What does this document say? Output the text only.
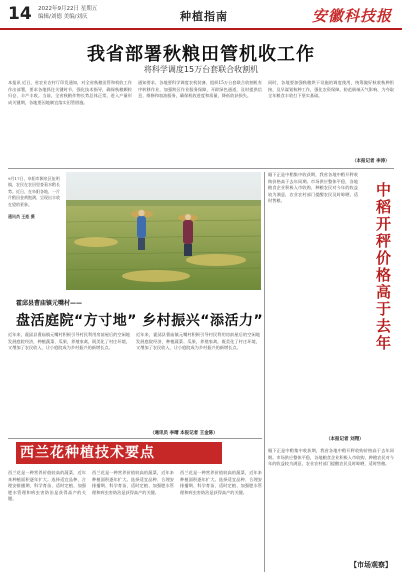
14 2022年9月22日 星期五
编辑/刘德 美编/刘庆	种植指南	安徽科技报
我省部署秋粮田管机收工作
将科学调度15万台套联合收割机
本报讯 近日，省农业农村厅印发通知，对全省秋粮田管和机收工作作出部署，要求各地抓住关键时节，强化技术指导，确保秋粮颗粒归仓、丰产丰收。当前，全省秋粮作物长势总体正常，进入产量形成关键期，各地要因地制宜落实田管措施。
通知要求，各地要科学调度农机装备，组织15万台套联合收割机有序转移作业，加强跨区作业服务保障，开辟绿色通道，及时提供信息、维修和加油服务，确保机收进度和质量，降低收获损失。
同时，各地要加强秋粮烘干设施的调度使用，统筹做好秋收秋种衔接，及早谋划秋种工作，强化农资保障，防范极端天气影响，为夺取全年粮食丰收打下坚实基础。
（本报记者 李涛）
9月17日，阜阳市颍泉区伍明镇，农民在农田里查看水稻长势。近日，在阜阳各地，一片片稻田金黄饱满，呈现出丰收在望的景象。
通讯员 王彪 摄
眼下正是中稻集中收获期，我省各地中稻开秤收购价格高于去年同期。市场供应整体平稳，各地粮食企业积极入市收购，种粮农民对今年的收益较为满意，农业农村部门提醒农民及时晾晒，适时售粮。
（本报记者 刘翔）
中稻开秤价格高于去年
霍邱县曹庙镇元嘴村——
盘活庭院“方寸地” 乡村振兴“添活力”
近年来，霍邱县曹庙镇元嘴村积极引导村民利用房前屋后的空闲地发展庭院经济，种植蔬菜、瓜果，养殖家禽，既美化了村庄环境，又增加了农民收入，让小庭院成为乡村振兴的新增长点。
近年来，霍邱县曹庙镇元嘴村积极引导村民利用房前屋后的空闲地发展庭院经济，种植蔬菜、瓜果，养殖家禽，既美化了村庄环境，又增加了农民收入，让小庭院成为乡村振兴的新增长点。
（通讯员 李晴 本报记者 王金陈）
西兰花种植技术要点
西兰花是一种营养价值较高的蔬菜，近年来种植面积逐年扩大。选择适宜品种、合理安排播期、科学育苗、适时定植、加强肥水管理和病虫害防治是获得高产的关键。
西兰花是一种营养价值较高的蔬菜，近年来种植面积逐年扩大。选择适宜品种、合理安排播期、科学育苗、适时定植、加强肥水管理和病虫害防治是获得高产的关键。
西兰花是一种营养价值较高的蔬菜，近年来种植面积逐年扩大。选择适宜品种、合理安排播期、科学育苗、适时定植、加强肥水管理和病虫害防治是获得高产的关键。
眼下正是中稻集中收获期，我省各地中稻开秤收购价格高于去年同期。市场供应整体平稳，各地粮食企业积极入市收购，种粮农民对今年的收益较为满意，农业农村部门提醒农民及时晾晒，适时售粮。
【市场观察】
